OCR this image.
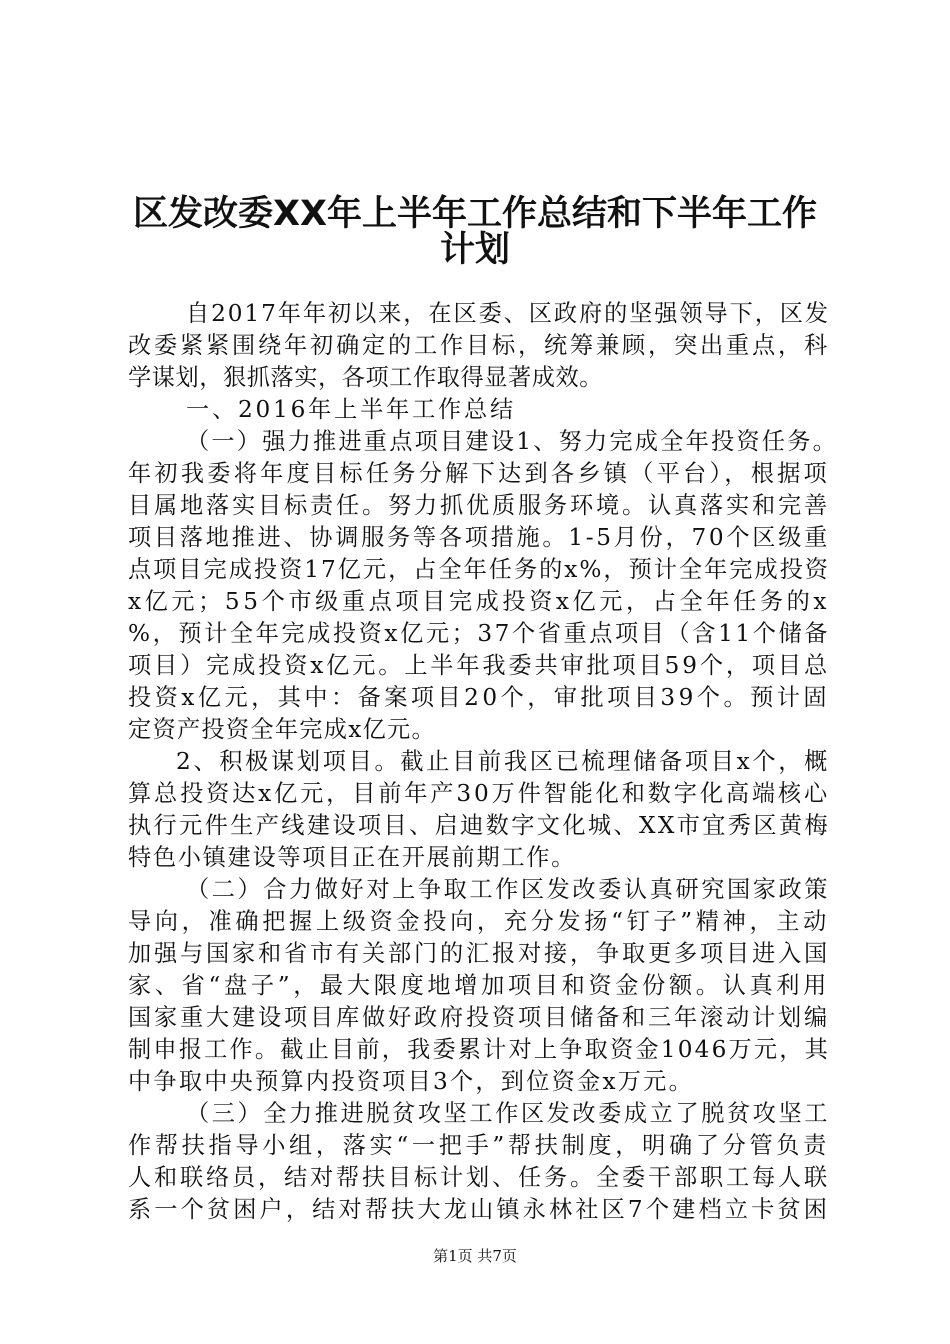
区发改委XX年上半年工作总结和下半年工作
计划
自2017年年初以来，在区委、区政府的坚强领导下，区发
改委紧紧围绕年初确定的工作目标，统筹兼顾，突出重点，科
学谋划，狠抓落实，各项工作取得显著成效。
一、2016年上半年工作总结
（一）强力推进重点项目建设1、努力完成全年投资任务。
年初我委将年度目标任务分解下达到各乡镇（平台），根据项
目属地落实目标责任。努力抓优质服务环境。认真落实和完善
项目落地推进、协调服务等各项措施。1-5月份，70个区级重
点项目完成投资17亿元，占全年任务的x%，预计全年完成投资
x亿元；55个市级重点项目完成投资x亿元，占全年任务的x
%，预计全年完成投资x亿元；37个省重点项目（含11个储备
项目）完成投资x亿元。上半年我委共审批项目59个，项目总
投资x亿元，其中：备案项目20个，审批项目39个。预计固
定资产投资全年完成x亿元。
2、积极谋划项目。截止目前我区已梳理储备项目x个，概
算总投资达x亿元，目前年产30万件智能化和数字化高端核心
执行元件生产线建设项目、启迪数字文化城、XX市宜秀区黄梅
特色小镇建设等项目正在开展前期工作。
（二）合力做好对上争取工作区发改委认真研究国家政策
导向，准确把握上级资金投向，充分发扬“钉子”精神，主动
加强与国家和省市有关部门的汇报对接，争取更多项目进入国
家、省“盘子”，最大限度地增加项目和资金份额。认真利用
国家重大建设项目库做好政府投资项目储备和三年滚动计划编
制申报工作。截止目前，我委累计对上争取资金1046万元，其
中争取中央预算内投资项目3个，到位资金x万元。
（三）全力推进脱贫攻坚工作区发改委成立了脱贫攻坚工
作帮扶指导小组，落实“一把手”帮扶制度，明确了分管负责
人和联络员，结对帮扶目标计划、任务。全委干部职工每人联
系一个贫困户，结对帮扶大龙山镇永林社区7个建档立卡贫困
第1页 共7页
